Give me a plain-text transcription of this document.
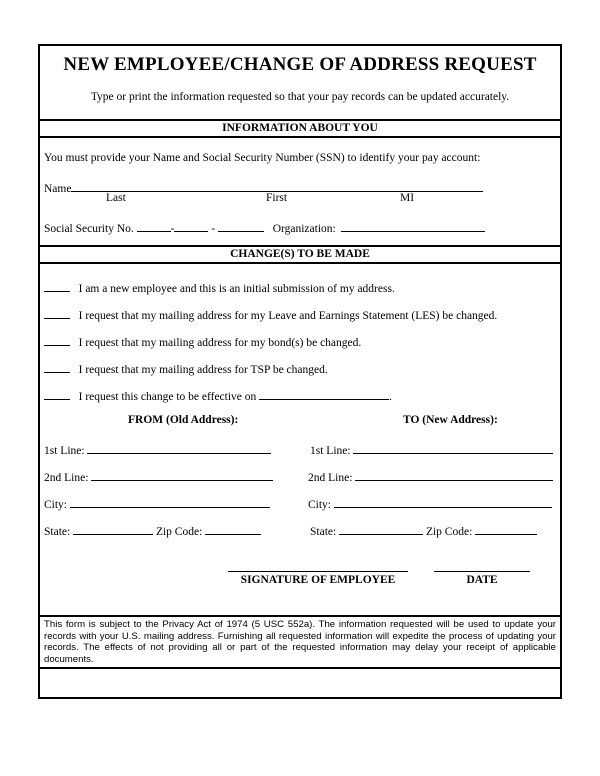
NEW EMPLOYEE/CHANGE OF ADDRESS REQUEST
Type or print the information requested so that your pay records can be updated accurately.
INFORMATION ABOUT YOU
You must provide your Name and Social Security Number (SSN) to identify your pay account:
Name
Last	First	MI
Social Security No.	-	-	Organization:
CHANGE(S) TO BE MADE
I am a new employee and this is an initial submission of my address.
I request that my mailing address for my Leave and Earnings Statement (LES) be changed.
I request that my mailing address for my bond(s) be changed.
I request that my mailing address for TSP be changed.
I request this change to be effective on	.
FROM (Old Address):	TO (New Address):
1st Line:	1st Line:
2nd Line:	2nd Line:
City:	City:
State:	Zip Code:	State:	Zip Code:
SIGNATURE OF EMPLOYEE	DATE
This form is subject to the Privacy Act of 1974 (5 USC 552a). The information requested will be used to update your records with your U.S. mailing address. Furnishing all requested information will expedite the process of updating your records. The effects of not providing all or part of the requested information may delay your receipt of applicable documents.
